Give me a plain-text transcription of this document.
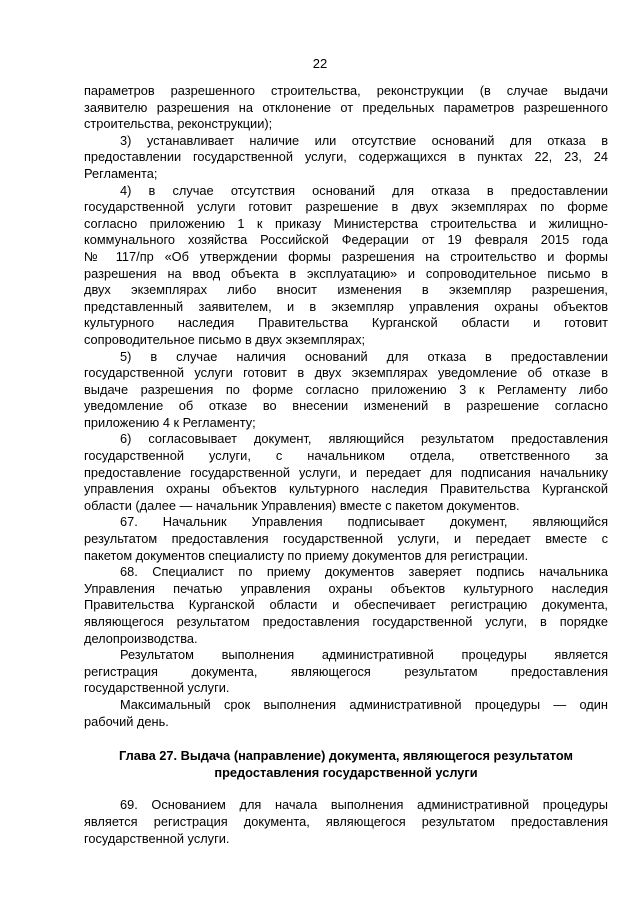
22
параметров разрешенного строительства, реконструкции (в случае выдачи
заявителю разрешения на отклонение от предельных параметров разрешенного
строительства, реконструкции);
3) устанавливает наличие или отсутствие оснований для отказа в
предоставлении государственной услуги, содержащихся в пунктах 22, 23, 24
Регламента;
4) в случае отсутствия оснований для отказа в предоставлении
государственной услуги готовит разрешение в двух экземплярах по форме
согласно приложению 1 к приказу Министерства строительства и жилищно-
коммунального хозяйства Российской Федерации от 19 февраля 2015 года
№ 117/пр «Об утверждении формы разрешения на строительство и формы
разрешения на ввод объекта в эксплуатацию» и сопроводительное письмо в
двух экземплярах либо вносит изменения в экземпляр разрешения,
представленный заявителем, и в экземпляр управления охраны объектов
культурного наследия Правительства Курганской области и готовит
сопроводительное письмо в двух экземплярах;
5) в случае наличия оснований для отказа в предоставлении
государственной услуги готовит в двух экземплярах уведомление об отказе в
выдаче разрешения по форме согласно приложению 3 к Регламенту либо
уведомление об отказе во внесении изменений в разрешение согласно
приложению 4 к Регламенту;
6) согласовывает документ, являющийся результатом предоставления
государственной услуги, с начальником отдела, ответственного за
предоставление государственной услуги, и передает для подписания начальнику
управления охраны объектов культурного наследия Правительства Курганской
области (далее — начальник Управления) вместе с пакетом документов.
67. Начальник Управления подписывает документ, являющийся
результатом предоставления государственной услуги, и передает вместе с
пакетом документов специалисту по приему документов для регистрации.
68. Специалист по приему документов заверяет подпись начальника
Управления печатью управления охраны объектов культурного наследия
Правительства Курганской области и обеспечивает регистрацию документа,
являющегося результатом предоставления государственной услуги, в порядке
делопроизводства.
Результатом выполнения административной процедуры является
регистрация документа, являющегося результатом предоставления
государственной услуги.
Максимальный срок выполнения административной процедуры — один
рабочий день.
Глава 27. Выдача (направление) документа, являющегося результатом
предоставления государственной услуги
69. Основанием для начала выполнения административной процедуры
является регистрация документа, являющегося результатом предоставления
государственной услуги.
